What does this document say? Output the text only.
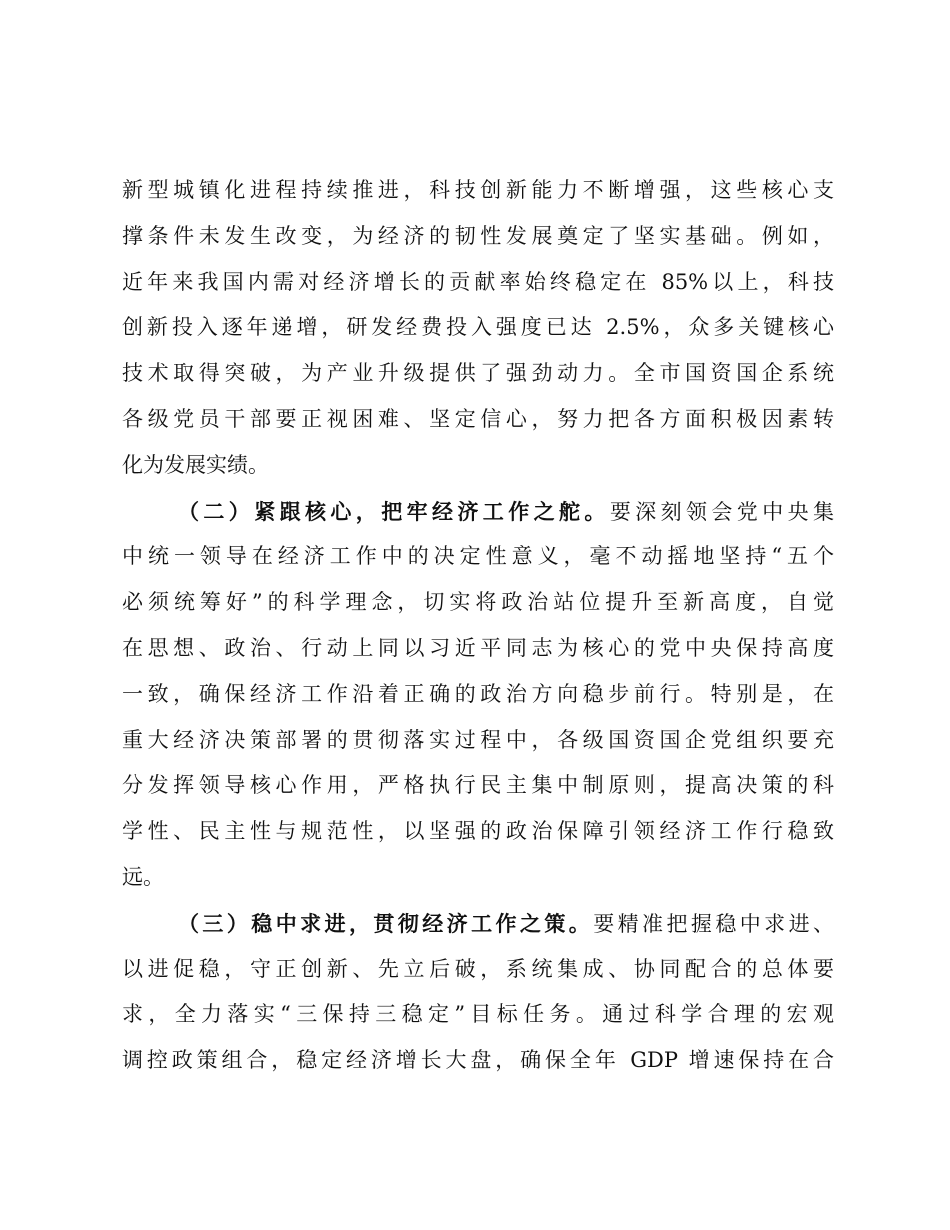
新型城镇化进程持续推进，科技创新能力不断增强，这些核心支
撑条件未发生改变，为经济的韧性发展奠定了坚实基础。例如，
近年来我国内需对经济增长的贡献率始终稳定在 85%以上，科技
创新投入逐年递增，研发经费投入强度已达 2.5%，众多关键核心
技术取得突破，为产业升级提供了强劲动力。全市国资国企系统
各级党员干部要正视困难、坚定信心，努力把各方面积极因素转
化为发展实绩。
（二）紧跟核心，把牢经济工作之舵。要深刻领会党中央集
中统一领导在经济工作中的决定性意义，毫不动摇地坚持“五个
必须统筹好”的科学理念，切实将政治站位提升至新高度，自觉
在思想、政治、行动上同以习近平同志为核心的党中央保持高度
一致，确保经济工作沿着正确的政治方向稳步前行。特别是，在
重大经济决策部署的贯彻落实过程中，各级国资国企党组织要充
分发挥领导核心作用，严格执行民主集中制原则，提高决策的科
学性、民主性与规范性，以坚强的政治保障引领经济工作行稳致
远。
（三）稳中求进，贯彻经济工作之策。要精准把握稳中求进、
以进促稳，守正创新、先立后破，系统集成、协同配合的总体要
求，全力落实“三保持三稳定”目标任务。通过科学合理的宏观
调控政策组合，稳定经济增长大盘，确保全年 GDP 增速保持在合
